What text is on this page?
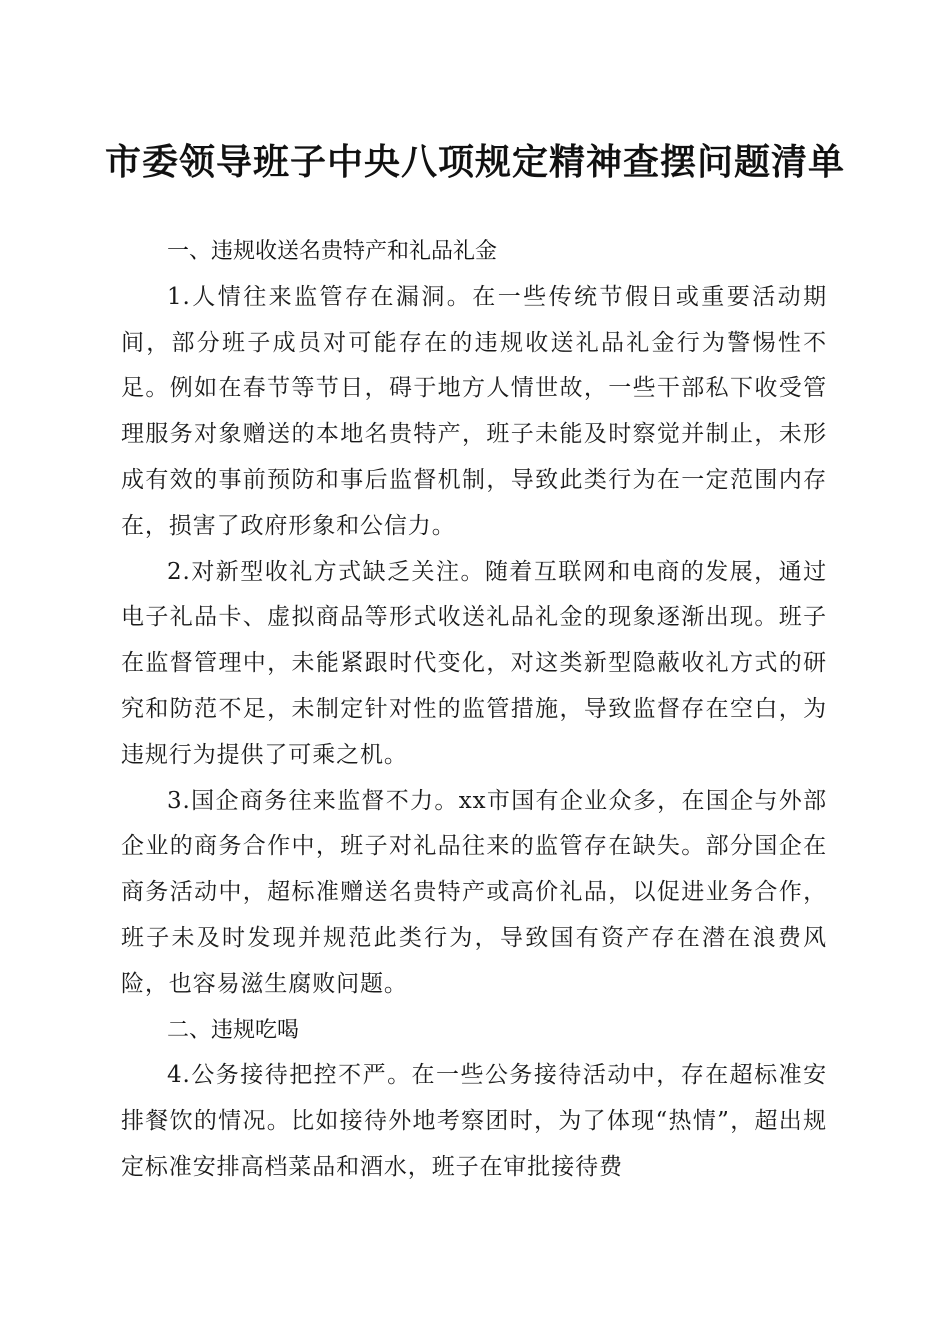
市委领导班子中央八项规定精神查摆问题清单
一、违规收送名贵特产和礼品礼金

1.人情往来监管存在漏洞。在一些传统节假日或重要活动期间，部分班子成员对可能存在的违规收送礼品礼金行为警惕性不足。例如在春节等节日，碍于地方人情世故，一些干部私下收受管理服务对象赠送的本地名贵特产，班子未能及时察觉并制止，未形成有效的事前预防和事后监督机制，导致此类行为在一定范围内存在，损害了政府形象和公信力。

2.对新型收礼方式缺乏关注。随着互联网和电商的发展，通过电子礼品卡、虚拟商品等形式收送礼品礼金的现象逐渐出现。班子在监督管理中，未能紧跟时代变化，对这类新型隐蔽收礼方式的研究和防范不足，未制定针对性的监管措施，导致监督存在空白，为违规行为提供了可乘之机。

3.国企商务往来监督不力。xx市国有企业众多，在国企与外部企业的商务合作中，班子对礼品往来的监管存在缺失。部分国企在商务活动中，超标准赠送名贵特产或高价礼品，以促进业务合作，班子未及时发现并规范此类行为，导致国有资产存在潜在浪费风险，也容易滋生腐败问题。

二、违规吃喝

4.公务接待把控不严。在一些公务接待活动中，存在超标准安排餐饮的情况。比如接待外地考察团时，为了体现“热情”，超出规定标准安排高档菜品和酒水，班子在审批接待费
